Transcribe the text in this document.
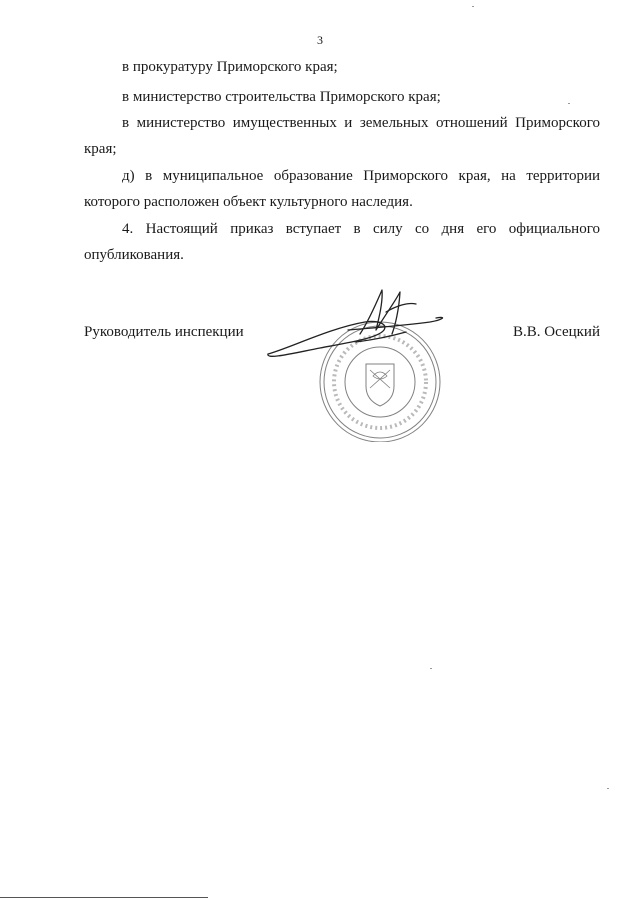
3

в прокуратуру Приморского края;

в министерство строительства Приморского края;

в министерство имущественных и земельных отношений Приморского края;

д) в муниципальное образование Приморского края, на территории которого расположен объект культурного наследия.

4. Настоящий приказ вступает в силу со дня его официального опубликования.

Руководитель инспекции	В.В. Осецкий
